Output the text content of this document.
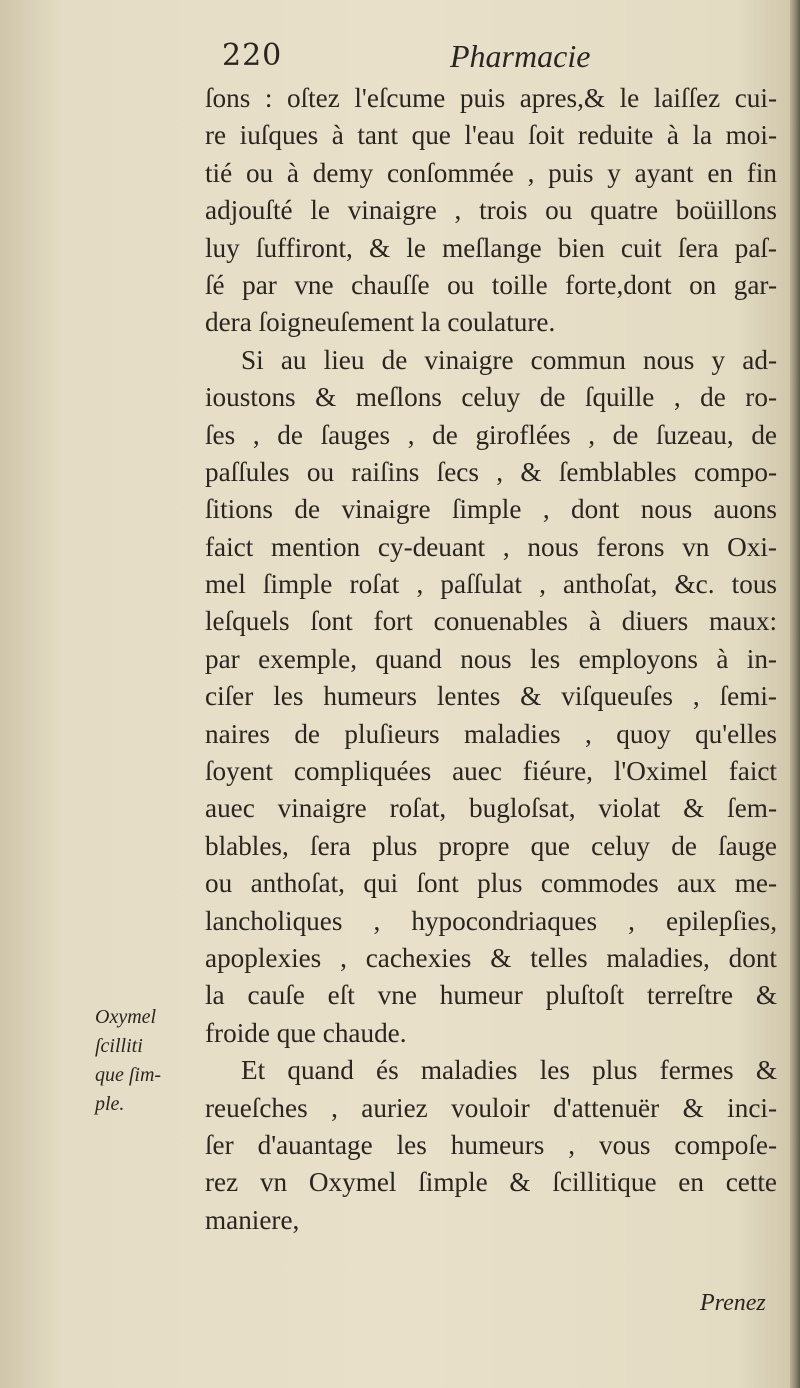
220	Pharmacie
ſons : oſtez l'eſcume puis apres,& le laiſſez cui-
re iuſques à tant que l'eau ſoit reduite à la moi-
tié ou à demy conſommée , puis y ayant en fin
adjouſté le vinaigre , trois ou quatre boüillons
luy ſuffiront, & le meſlange bien cuit ſera paſ-
ſé par vne chauſſe ou toille forte,dont on gar-
dera ſoigneuſement la coulature.
Si au lieu de vinaigre commun nous y ad-
ioustons & meſlons celuy de ſquille , de ro-
ſes , de ſauges , de giroflées , de ſuzeau, de
paſſules ou raiſins ſecs , & ſemblables compo-
ſitions de vinaigre ſimple , dont nous auons
faict mention cy-deuant , nous ferons vn Oxi-
mel ſimple roſat , paſſulat , anthoſat, &c. tous
leſquels ſont fort conuenables à diuers maux:
par exemple, quand nous les employons à in-
ciſer les humeurs lentes & viſqueuſes , ſemi-
naires de pluſieurs maladies , quoy qu'elles
ſoyent compliquées auec fiéure, l'Oximel faict
auec vinaigre roſat, bugloſsat, violat & ſem-
blables, ſera plus propre que celuy de ſauge
ou anthoſat, qui ſont plus commodes aux me-
lancholiques , hypocondriaques , epilepſies,
apoplexies , cachexies & telles maladies, dont
la cauſe eſt vne humeur pluſtoſt terreſtre &
froide que chaude.
Et quand és maladies les plus fermes &
reueſches , auriez vouloir d'attenuër & inci-
ſer d'auantage les humeurs , vous compoſe-
rez vn Oxymel ſimple & ſcillitique en cette
maniere,
Oxymel
ſcilliti
que ſim-
ple.
Prenez
